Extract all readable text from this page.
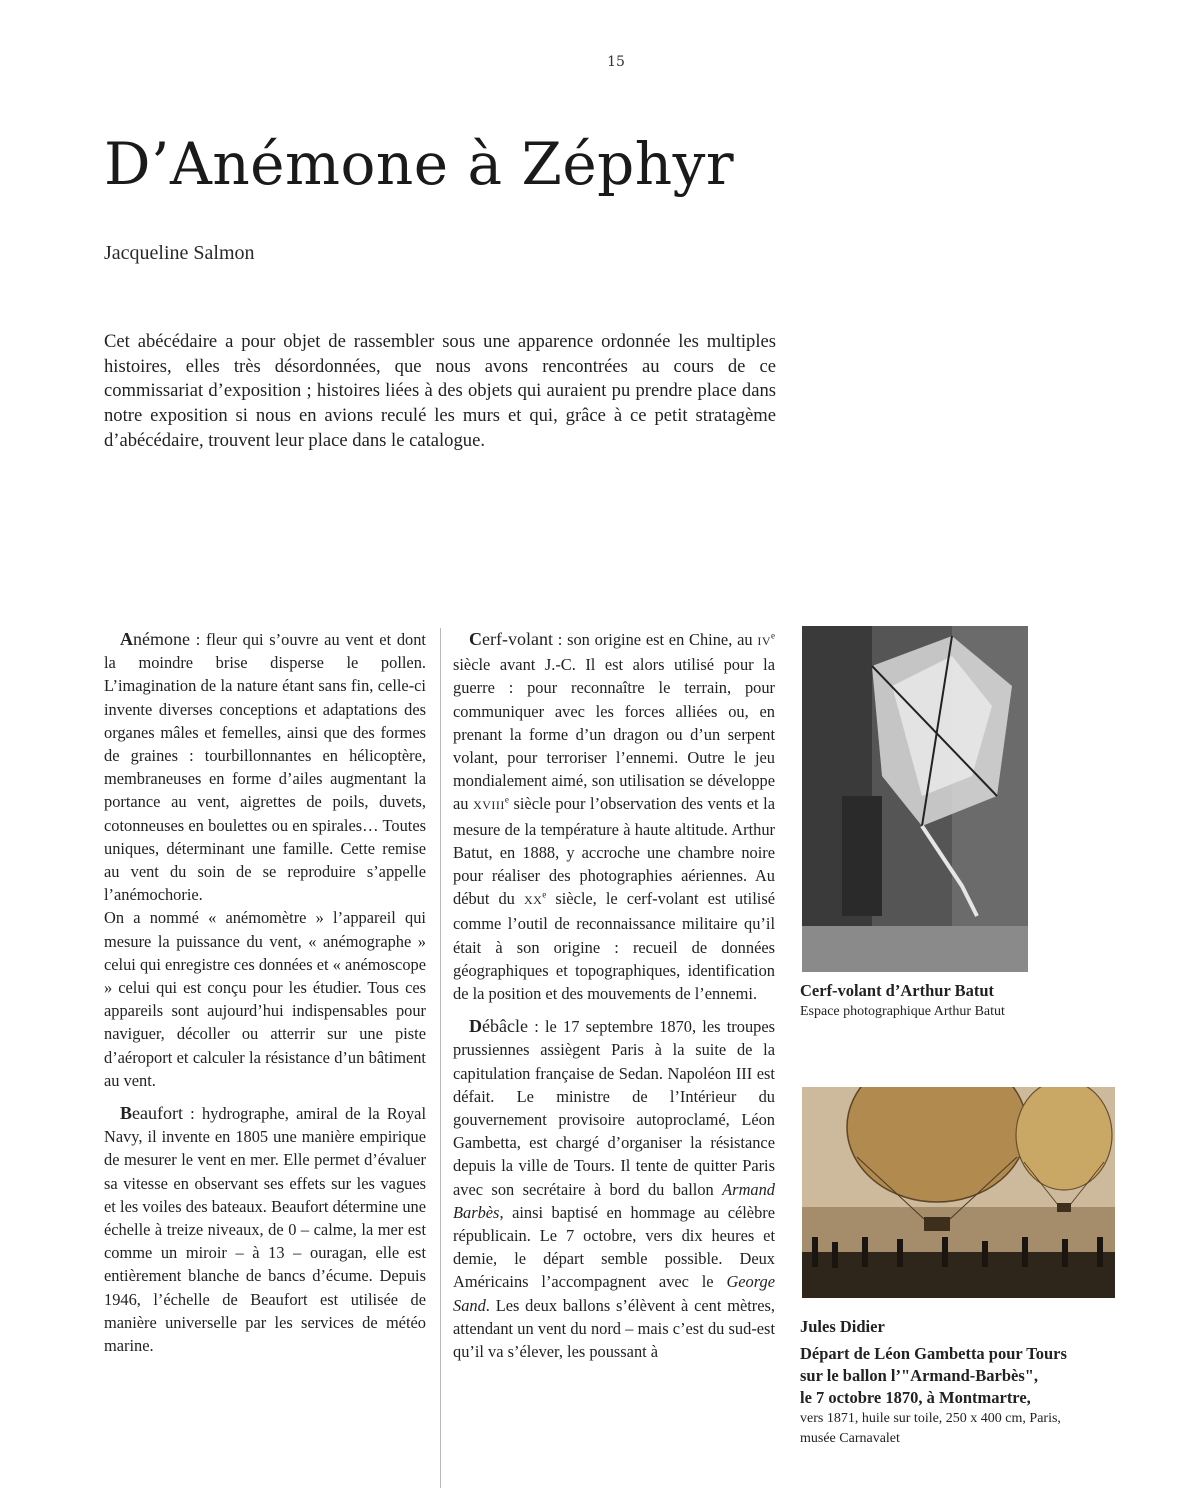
15
D’Anémone à Zéphyr
Jacqueline Salmon

Cet abécédaire a pour objet de rassembler sous une apparence ordonnée les multiples histoires, elles très désordonnées, que nous avons rencontrées au cours de ce commissariat d’exposition ; histoires liées à des objets qui auraient pu prendre place dans notre exposition si nous en avions reculé les murs et qui, grâce à ce petit stratagème d’abécédaire, trouvent leur place dans le catalogue.

Anémone : fleur qui s’ouvre au vent et dont la moindre brise disperse le pollen. L’imagination de la nature étant sans fin, celle-ci invente diverses conceptions et adaptations des organes mâles et femelles, ainsi que des formes de graines : tourbillonnantes en hélicoptère, membraneuses en forme d’ailes augmentant la portance au vent, aigrettes de poils, duvets, cotonneuses en boulettes ou en spirales… Toutes uniques, déterminant une famille. Cette remise au vent du soin de se reproduire s’appelle l’anémochorie.

On a nommé « anémomètre » l’appareil qui mesure la puissance du vent, « anémographe » celui qui enregistre ces données et « anémoscope » celui qui est conçu pour les étudier. Tous ces appareils sont aujourd’hui indispensables pour naviguer, décoller ou atterrir sur une piste d’aéroport et calculer la résistance d’un bâtiment au vent.

Beaufort : hydrographe, amiral de la Royal Navy, il invente en 1805 une manière empirique de mesurer le vent en mer. Elle permet d’évaluer sa vitesse en observant ses effets sur les vagues et les voiles des bateaux. Beaufort détermine une échelle à treize niveaux, de 0 – calme, la mer est comme un miroir – à 13 – ouragan, elle est entièrement blanche de bancs d’écume. Depuis 1946, l’échelle de Beaufort est utilisée de manière universelle par les services de météo marine.

Cerf-volant : son origine est en Chine, au IVe siècle avant J.-C. Il est alors utilisé pour la guerre : pour reconnaître le terrain, pour communiquer avec les forces alliées ou, en prenant la forme d’un dragon ou d’un serpent volant, pour terroriser l’ennemi. Outre le jeu mondialement aimé, son utilisation se développe au XVIIIe siècle pour l’observation des vents et la mesure de la température à haute altitude. Arthur Batut, en 1888, y accroche une chambre noire pour réaliser des photographies aériennes. Au début du XXe siècle, le cerf-volant est utilisé comme l’outil de reconnaissance militaire qu’il était à son origine : recueil de données géographiques et topographiques, identification de la position et des mouvements de l’ennemi.

Débâcle : le 17 septembre 1870, les troupes prussiennes assiègent Paris à la suite de la capitulation française de Sedan. Napoléon III est défait. Le ministre de l’Intérieur du gouvernement provisoire autoproclamé, Léon Gambetta, est chargé d’organiser la résistance depuis la ville de Tours. Il tente de quitter Paris avec son secrétaire à bord du ballon Armand Barbès, ainsi baptisé en hommage au célèbre républicain. Le 7 octobre, vers dix heures et demie, le départ semble possible. Deux Américains l’accompagnent avec le George Sand. Les deux ballons s’élèvent à cent mètres, attendant un vent du nord – mais c’est du sud-est qu’il va s’élever, les poussant à

Cerf-volant d’Arthur Batut
Espace photographique Arthur Batut
Jules Didier
Départ de Léon Gambetta pour Tours
sur le ballon l’"Armand-Barbès",
le 7 octobre 1870, à Montmartre,
vers 1871, huile sur toile, 250 x 400 cm, Paris,
musée Carnavalet
